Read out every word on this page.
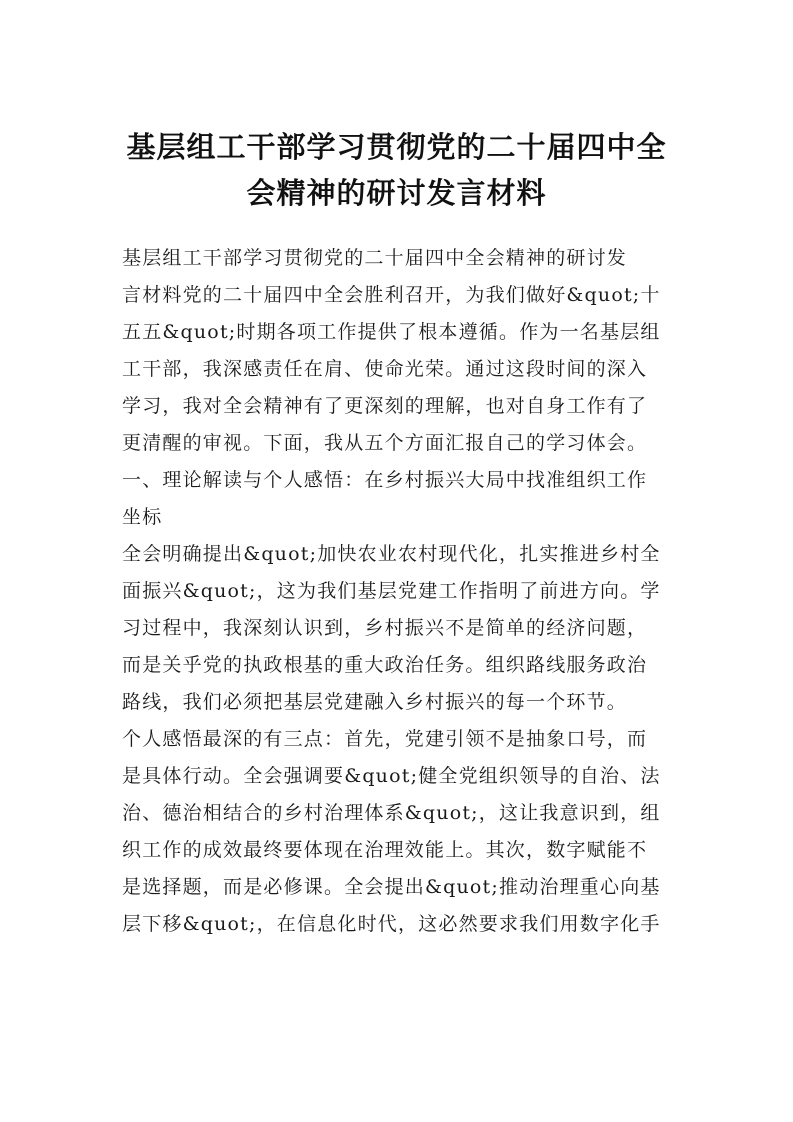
基层组工干部学习贯彻党的二十届四中全
会精神的研讨发言材料
基层组工干部学习贯彻党的二十届四中全会精神的研讨发
言材料党的二十届四中全会胜利召开，为我们做好&quot;十
五五&quot;时期各项工作提供了根本遵循。作为一名基层组
工干部，我深感责任在肩、使命光荣。通过这段时间的深入
学习，我对全会精神有了更深刻的理解，也对自身工作有了
更清醒的审视。下面，我从五个方面汇报自己的学习体会。
一、理论解读与个人感悟：在乡村振兴大局中找准组织工作
坐标
全会明确提出&quot;加快农业农村现代化，扎实推进乡村全
面振兴&quot;，这为我们基层党建工作指明了前进方向。学
习过程中，我深刻认识到，乡村振兴不是简单的经济问题，
而是关乎党的执政根基的重大政治任务。组织路线服务政治
路线，我们必须把基层党建融入乡村振兴的每一个环节。
个人感悟最深的有三点：首先，党建引领不是抽象口号，而
是具体行动。全会强调要&quot;健全党组织领导的自治、法
治、德治相结合的乡村治理体系&quot;，这让我意识到，组
织工作的成效最终要体现在治理效能上。其次，数字赋能不
是选择题，而是必修课。全会提出&quot;推动治理重心向基
层下移&quot;，在信息化时代，这必然要求我们用数字化手
